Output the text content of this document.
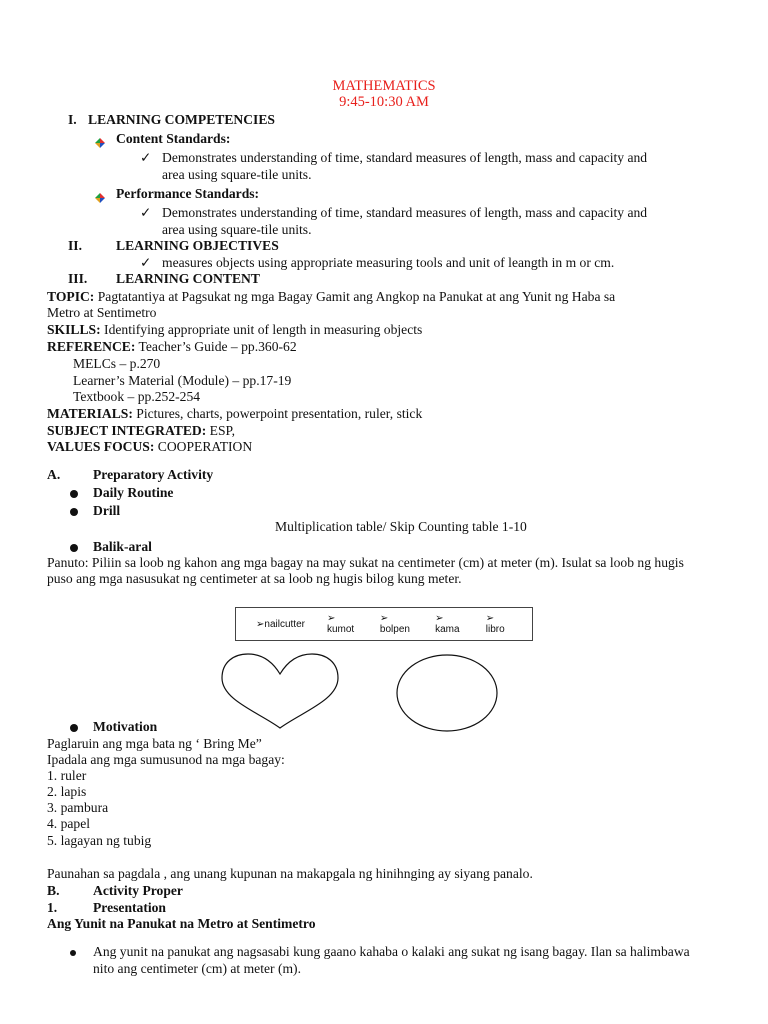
MATHEMATICS
9:45-10:30 AM
I. LEARNING COMPETENCIES
Content Standards:
✓ Demonstrates understanding of time, standard measures of length, mass and capacity and
area using square-tile units.
Performance Standards:
✓ Demonstrates understanding of time, standard measures of length, mass and capacity and
area using square-tile units.
II.	LEARNING OBJECTIVES
✓ measures objects using appropriate measuring tools and unit of leangth in m or cm.
III. LEARNING CONTENT
TOPIC: Pagtatantiya at Pagsukat ng mga Bagay Gamit ang Angkop na Panukat at ang Yunit ng Haba sa
Metro at Sentimetro
SKILLS: Identifying appropriate unit of length in measuring objects
REFERENCE: Teacher’s Guide – pp.360-62
MELCs – p.270
Learner’s Material (Module) – pp.17-19
Textbook – pp.252-254
MATERIALS: Pictures, charts, powerpoint presentation, ruler, stick
SUBJECT INTEGRATED: ESP,
VALUES FOCUS: COOPERATION
A. Preparatory Activity
Daily Routine
Drill
Multiplication table/ Skip Counting table 1-10
Balik-aral
Panuto: Piliin sa loob ng kahon ang mga bagay na may sukat na centimeter (cm) at meter (m). Isulat sa loob ng hugis
puso ang mga nasusukat ng centimeter at sa loob ng hugis bilog kung meter.
➢nailcutter ➢ kumot
➢ bolpen
➢ kama
➢ libro
Motivation
Paglaruin ang mga bata ng ‘ Bring Me”
Ipadala ang mga sumusunod na mga bagay:
1. ruler
2. lapis
3. pambura
4. papel
5. lagayan ng tubig
Paunahan sa pagdala , ang unang kupunan na makapgala ng hinihnging ay siyang panalo.
B. Activity Proper
1.	Presentation
Ang Yunit na Panukat na Metro at Sentimetro
Ang yunit na panukat ang nagsasabi kung gaano kahaba o kalaki ang sukat ng isang bagay. Ilan sa halimbawa
nito ang centimeter (cm) at meter (m).
